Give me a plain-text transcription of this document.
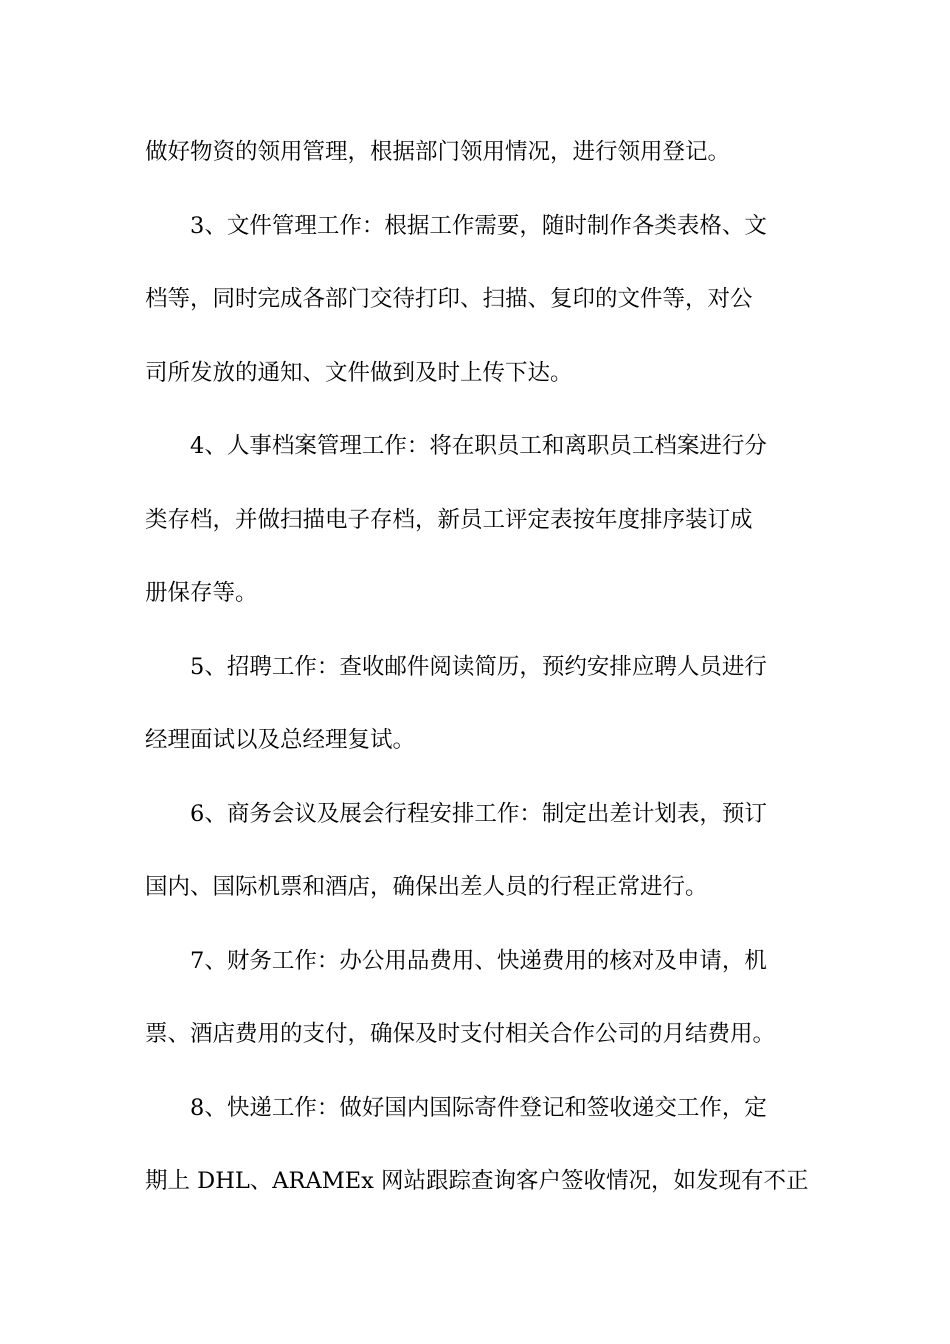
做好物资的领用管理，根据部门领用情况，进行领用登记。
3、文件管理工作：根据工作需要，随时制作各类表格、文
档等，同时完成各部门交待打印、扫描、复印的文件等，对公
司所发放的通知、文件做到及时上传下达。
4、人事档案管理工作：将在职员工和离职员工档案进行分
类存档，并做扫描电子存档，新员工评定表按年度排序装订成
册保存等。
5、招聘工作：查收邮件阅读简历，预约安排应聘人员进行
经理面试以及总经理复试。
6、商务会议及展会行程安排工作：制定出差计划表，预订
国内、国际机票和酒店，确保出差人员的行程正常进行。
7、财务工作：办公用品费用、快递费用的核对及申请，机
票、酒店费用的支付，确保及时支付相关合作公司的月结费用。
8、快递工作：做好国内国际寄件登记和签收递交工作，定
期上 DHL、ARAMEx 网站跟踪查询客户签收情况，如发现有不正
